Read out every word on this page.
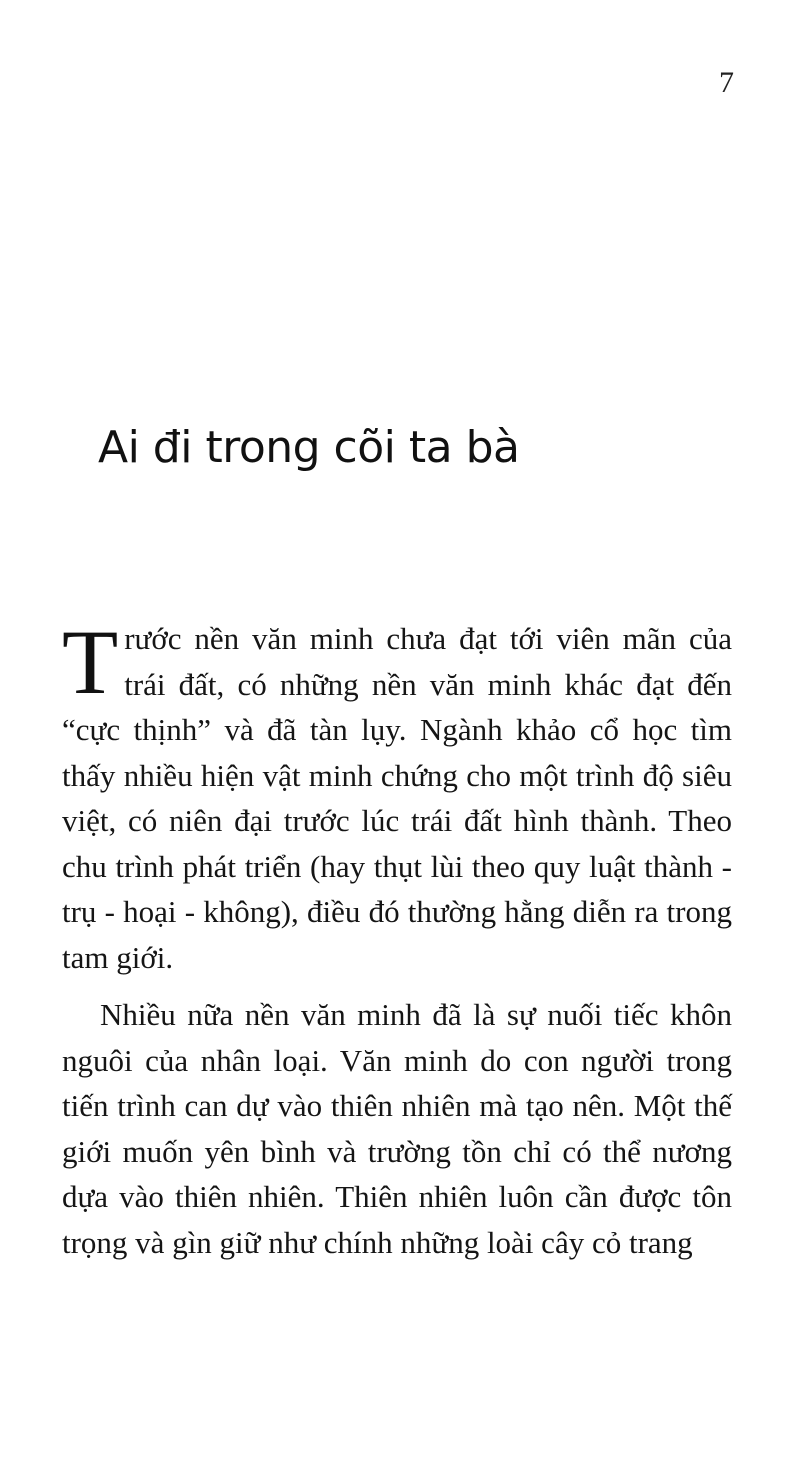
7
Ai đi trong cõi ta bà

Trước nền văn minh chưa đạt tới viên mãn của trái đất, có những nền văn minh khác đạt đến “cực thịnh” và đã tàn lụy. Ngành khảo cổ học tìm thấy nhiều hiện vật minh chứng cho một trình độ siêu việt, có niên đại trước lúc trái đất hình thành. Theo chu trình phát triển (hay thụt lùi theo quy luật thành - trụ - hoại - không), điều đó thường hằng diễn ra trong tam giới.

Nhiều nữa nền văn minh đã là sự nuối tiếc khôn nguôi của nhân loại. Văn minh do con người trong tiến trình can dự vào thiên nhiên mà tạo nên. Một thế giới muốn yên bình và trường tồn chỉ có thể nương dựa vào thiên nhiên. Thiên nhiên luôn cần được tôn trọng và gìn giữ như chính những loài cây cỏ trang
